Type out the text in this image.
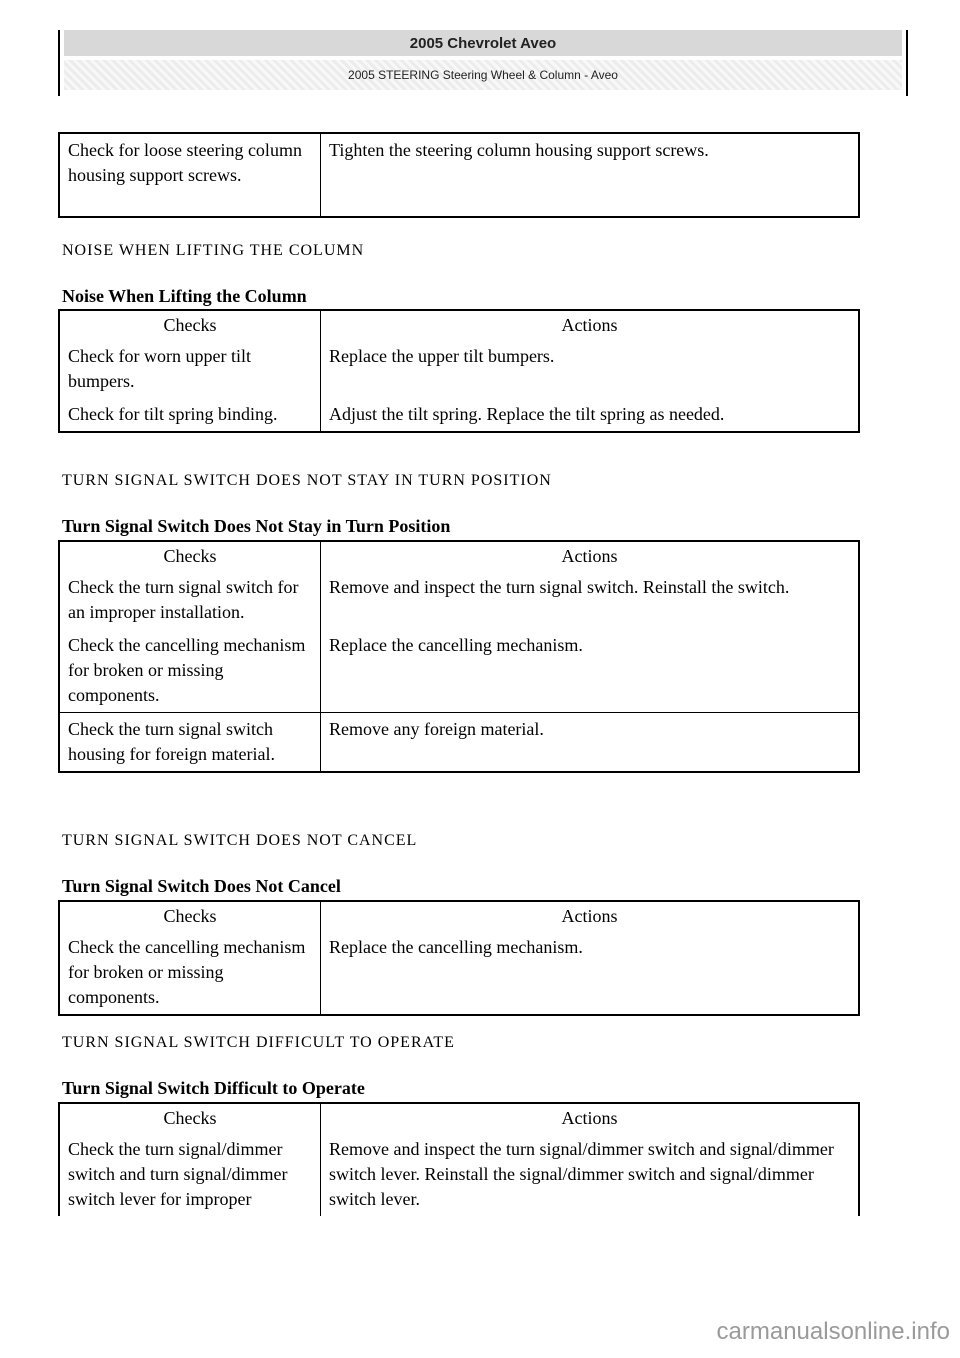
2005 Chevrolet Aveo
2005 STEERING Steering Wheel & Column - Aveo
Check for loose steering column housing support screws.	Tighten the steering column housing support screws.
NOISE WHEN LIFTING THE COLUMN
Noise When Lifting the Column
Checks	Actions
Check for worn upper tilt bumpers.	Replace the upper tilt bumpers.
Check for tilt spring binding.	Adjust the tilt spring. Replace the tilt spring as needed.
TURN SIGNAL SWITCH DOES NOT STAY IN TURN POSITION
Turn Signal Switch Does Not Stay in Turn Position
Checks	Actions
Check the turn signal switch for an improper installation.	Remove and inspect the turn signal switch. Reinstall the switch.
Check the cancelling mechanism for broken or missing components.	Replace the cancelling mechanism.
Check the turn signal switch housing for foreign material.	Remove any foreign material.
TURN SIGNAL SWITCH DOES NOT CANCEL
Turn Signal Switch Does Not Cancel
Checks	Actions
Check the cancelling mechanism for broken or missing components.	Replace the cancelling mechanism.
TURN SIGNAL SWITCH DIFFICULT TO OPERATE
Turn Signal Switch Difficult to Operate
Checks	Actions
Check the turn signal/dimmer switch and turn signal/dimmer switch lever for improper	Remove and inspect the turn signal/dimmer switch and signal/dimmer switch lever. Reinstall the signal/dimmer switch and signal/dimmer switch lever.
carmanualsonline.info
